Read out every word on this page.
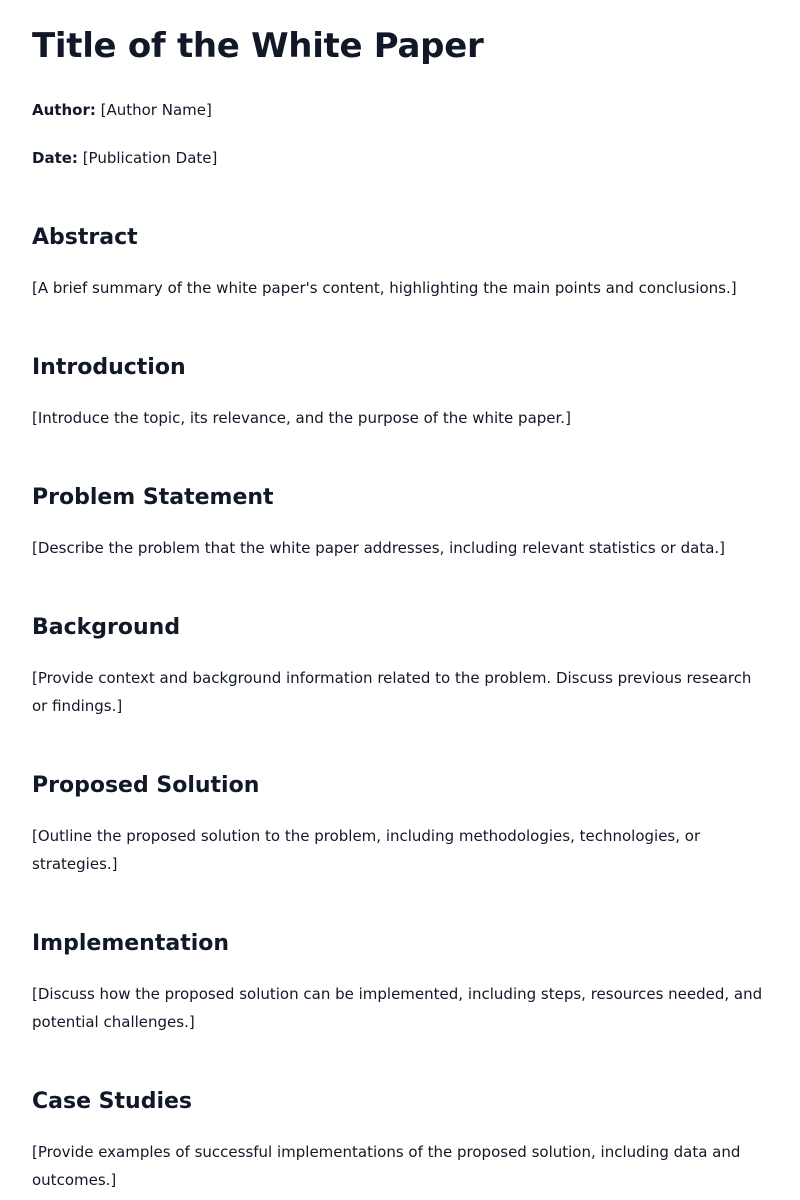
Title of the White Paper

Author: [Author Name]

Date: [Publication Date]

Abstract

[A brief summary of the white paper's content, highlighting the main points and conclusions.]

Introduction

[Introduce the topic, its relevance, and the purpose of the white paper.]

Problem Statement

[Describe the problem that the white paper addresses, including relevant statistics or data.]

Background

[Provide context and background information related to the problem. Discuss previous research or findings.]

Proposed Solution

[Outline the proposed solution to the problem, including methodologies, technologies, or strategies.]

Implementation

[Discuss how the proposed solution can be implemented, including steps, resources needed, and potential challenges.]

Case Studies

[Provide examples of successful implementations of the proposed solution, including data and outcomes.]
